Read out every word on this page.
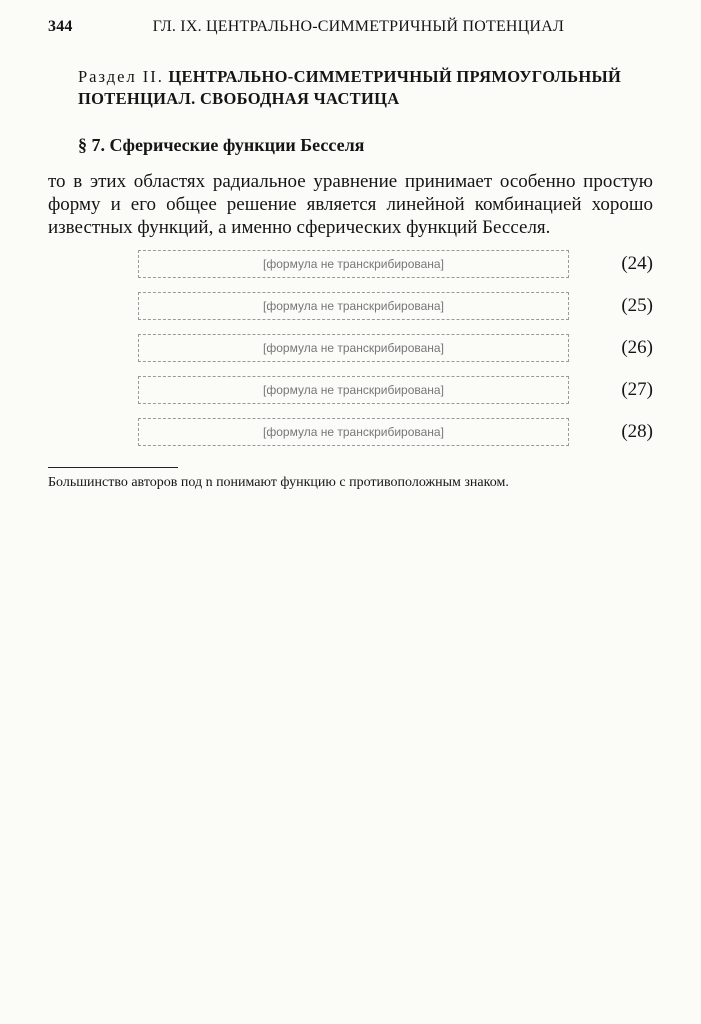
344	ГЛ. IX. ЦЕНТРАЛЬНО-СИММЕТРИЧНЫЙ ПОТЕНЦИАЛ

Раздел II. ЦЕНТРАЛЬНО-СИММЕТРИЧНЫЙ ПРЯМОУГОЛЬНЫЙ ПОТЕНЦИАЛ. СВОБОДНАЯ ЧАСТИЦА

§ 7. Сферические функции Бесселя

то в этих областях радиальное уравнение принимает особенно простую форму и его общее решение является линейной комбинацией хорошо известных функций, а именно сферических функций Бесселя.

[формула не транскрибирована]	(24)
[формула не транскрибирована]	(25)
[формула не транскрибирована]	(26)
[формула не транскрибирована]	(27)
[формула не транскрибирована]	(28)

Большинство авторов под n понимают функцию с противоположным знаком.
